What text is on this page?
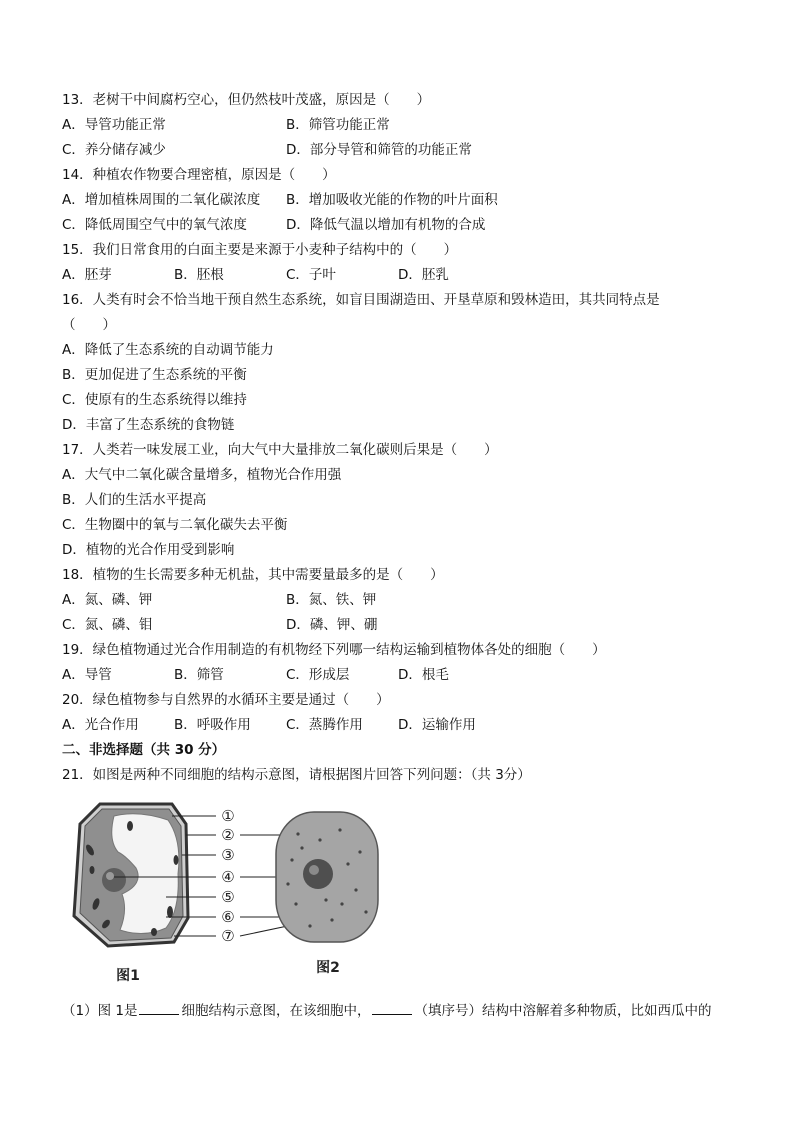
13．老树干中间腐朽空心，但仍然枝叶茂盛，原因是（　　）
A．导管功能正常	B．筛管功能正常
C．养分储存减少	D．部分导管和筛管的功能正常
14．种植农作物要合理密植，原因是（　　）
A．增加植株周围的二氧化碳浓度 B．增加吸收光能的作物的叶片面积
C．降低周围空气中的氧气浓度	D．降低气温以增加有机物的合成
15．我们日常食用的白面主要是来源于小麦种子结构中的（　　）
A．胚芽	B．胚根	C．子叶	D．胚乳
16．人类有时会不恰当地干预自然生态系统，如盲目围湖造田、开垦草原和毁林造田，其共同特点是
（　　）
A．降低了生态系统的自动调节能力
B．更加促进了生态系统的平衡
C．使原有的生态系统得以维持
D．丰富了生态系统的食物链
17．人类若一味发展工业，向大气中大量排放二氧化碳则后果是（　　）
A．大气中二氧化碳含量增多，植物光合作用强
B．人们的生活水平提高
C．生物圈中的氧与二氧化碳失去平衡
D．植物的光合作用受到影响
18．植物的生长需要多种无机盐，其中需要量最多的是（　　）
A．氮、磷、钾	B．氮、铁、钾
C．氮、磷、钼	D．磷、钾、硼
19．绿色植物通过光合作用制造的有机物经下列哪一结构运输到植物体各处的细胞（　　）
A．导管	B．筛管	C．形成层	D．根毛
20．绿色植物参与自然界的水循环主要是通过（　　）
A．光合作用	B．呼吸作用	C．蒸腾作用	D．运输作用
二、非选择题（共 30 分）
21．如图是两种不同细胞的结构示意图，请根据图片回答下列问题：（共 3分）
①
②
③
④
⑤
⑥
⑦
图1	图2
（1）图 1是	细胞结构示意图，在该细胞中，	（填序号）结构中溶解着多种物质，比如西瓜中的
